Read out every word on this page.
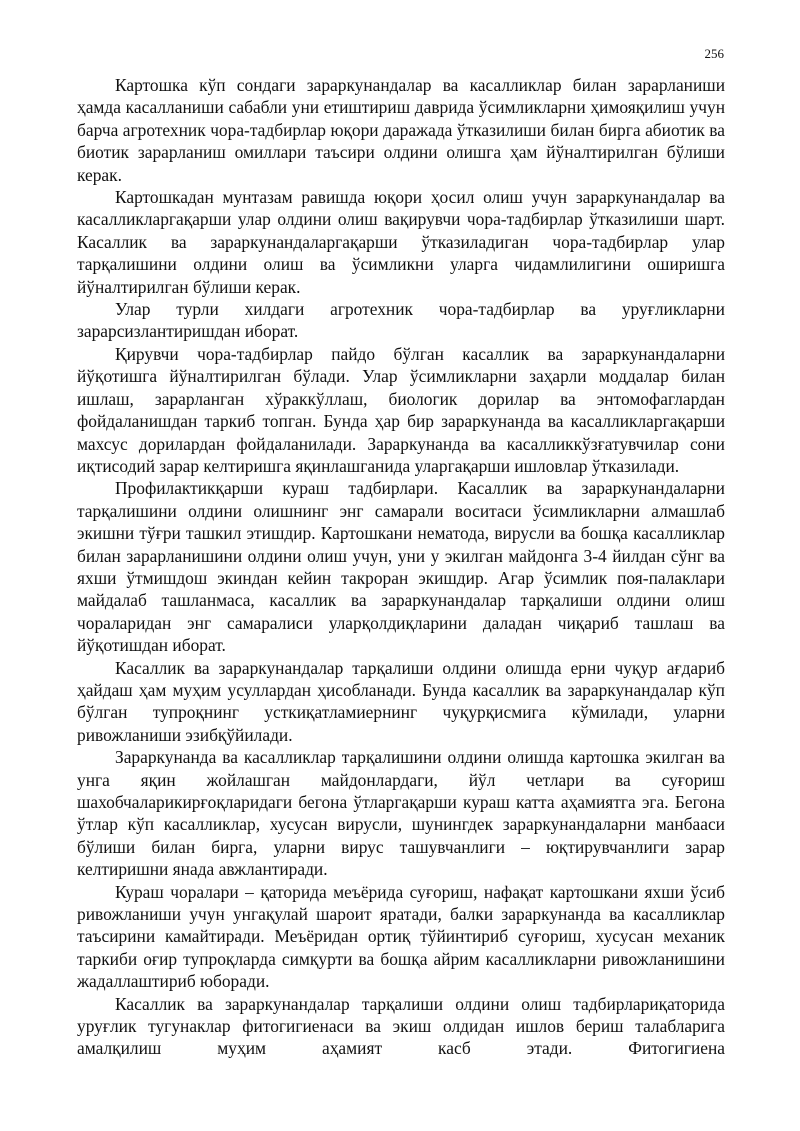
256

Картошка кўп сондаги зараркунандалар ва касалликлар билан зарарланиши ҳамда касалланиши сабабли уни етиштириш даврида ўсимликларни ҳимояқилиш учун барча агротехник чора-тадбирлар юқори даражада ўтказилиши билан бирга абиотик ва биотик зарарланиш омиллари таъсири олдини олишга ҳам йўналтирилган бўлиши керак.

Картошкадан мунтазам равишда юқори ҳосил олиш учун зараркунандалар ва касалликларгақарши улар олдини олиш вақирувчи чора-тадбирлар ўтказилиши шарт. Касаллик ва зараркунандаларгақарши ўтказиладиган чора-тадбирлар улар тарқалишини олдини олиш ва ўсимликни уларга чидамлилигини оширишга йўналтирилган бўлиши керак.

Улар турли хилдаги агротехник чора-тадбирлар ва уруғликларни зарарсизлантиришдан иборат.

Қирувчи чора-тадбирлар пайдо бўлган касаллик ва зараркунандаларни йўқотишга йўналтирилган бўлади. Улар ўсимликларни заҳарли моддалар билан ишлаш, зарарланган хўраккўллаш, биологик дорилар ва энтомофаглардан фойдаланишдан таркиб топган. Бунда ҳар бир зараркунанда ва касалликларгақарши махсус дорилардан фойдаланилади. Зараркунанда ва касалликкўзғатувчилар сони иқтисодий зарар келтиришга яқинлашганида уларгақарши ишловлар ўтказилади.

Профилактикқарши кураш тадбирлари. Касаллик ва зараркунандаларни тарқалишини олдини олишнинг энг самарали воситаси ўсимликларни алмашлаб экишни тўғри ташкил этишдир. Картошкани нематода, вирусли ва бошқа касалликлар билан зарарланишини олдини олиш учун, уни у экилган майдонга 3-4 йилдан сўнг ва яхши ўтмишдош экиндан кейин такроран экишдир. Агар ўсимлик поя-палаклари майдалаб ташланмаса, касаллик ва зараркунандалар тарқалиши олдини олиш чораларидан энг самаралиси уларқолдиқларини даладан чиқариб ташлаш ва йўқотишдан иборат.

Касаллик ва зараркунандалар тарқалиши олдини олишда ерни чуқур ағдариб ҳайдаш ҳам муҳим усуллардан ҳисобланади. Бунда касаллик ва зараркунандалар кўп бўлган тупроқнинг усткиқатламиeрнинг чуқурқисмига кўмилади, уларни ривожланиши эзибқўйилади.

Зараркунанда ва касалликлар тарқалишини олдини олишда картошка экилган ва унга яқин жойлашган майдонлардаги, йўл четлари ва суғориш шахобчаларикирғоқларидаги бегона ўтларгақарши кураш катта аҳамиятга эга. Бегона ўтлар кўп касалликлар, хусусан вирусли, шунингдек зараркунандаларни манбааси бўлиши билан бирга, уларни вирус ташувчанлиги – юқтирувчанлиги зарар келтиришни янада авжлантиради.

Кураш чоралари – қаторида меъёрида суғориш, нафақат картошкани яхши ўсиб ривожланиши учун унгақулай шароит яратади, балки зараркунанда ва касалликлар таъсирини камайтиради. Меъёридан ортиқ тўйинтириб суғориш, хусусан механик таркиби оғир тупроқларда симқурти ва бошқа айрим касалликларни ривожланишини жадаллаштириб юборади.

Касаллик ва зараркунандалар тарқалиши олдини олиш тадбирлариқаторида уруғлик тугунаклар фитогигиенаси ва экиш олдидан ишлов бериш талабларига амалқилиш муҳим аҳамият касб этади. Фитогигиена
